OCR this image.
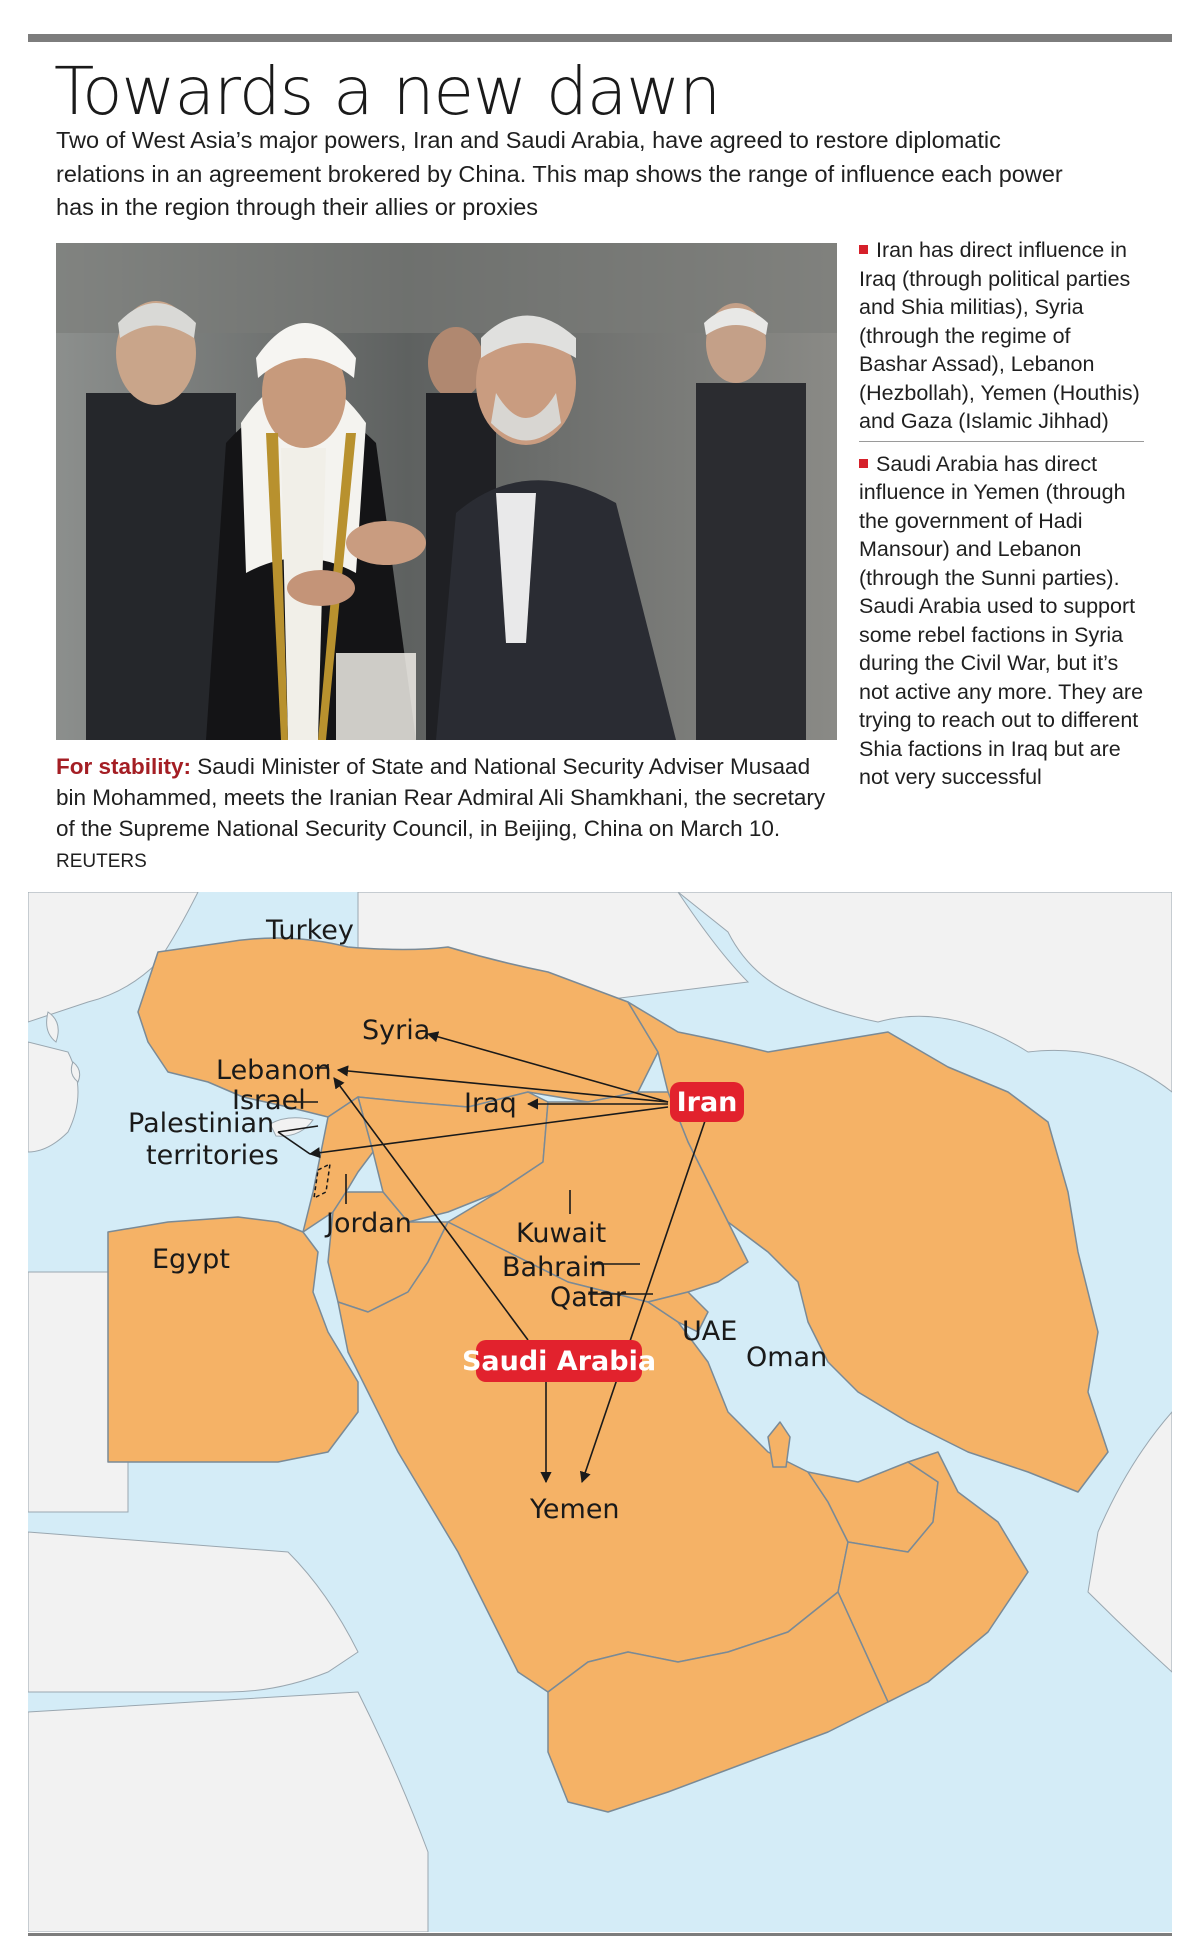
Towards a new dawn
Two of West Asia’s major powers, Iran and Saudi Arabia, have agreed to restore diplomatic relations in an agreement brokered by China. This map shows the range of influence each power has in the region through their allies or proxies
For stability: Saudi Minister of State and National Security Adviser Musaad bin Mohammed, meets the Iranian Rear Admiral Ali Shamkhani, the secretary of the Supreme National Security Council, in Beijing, China on March 10. REUTERS
Iran has direct influence in Iraq (through political parties and Shia militias), Syria (through the regime of Bashar Assad), Lebanon (Hezbollah), Yemen (Houthis) and Gaza (Islamic Jihhad)
Saudi Arabia has direct influence in Yemen (through the government of Hadi Mansour) and Lebanon (through the Sunni parties). Saudi Arabia used to support some rebel factions in Syria during the Civil War, but it’s not active any more. They are trying to reach out to different Shia factions in Iraq but are not very successful
Turkey
Syria
Lebanon
Israel
Palestinian
territories
Iraq
Jordan
Egypt
Kuwait
Bahrain
Qatar
UAE
Oman
Yemen
Iran
Saudi Arabia
